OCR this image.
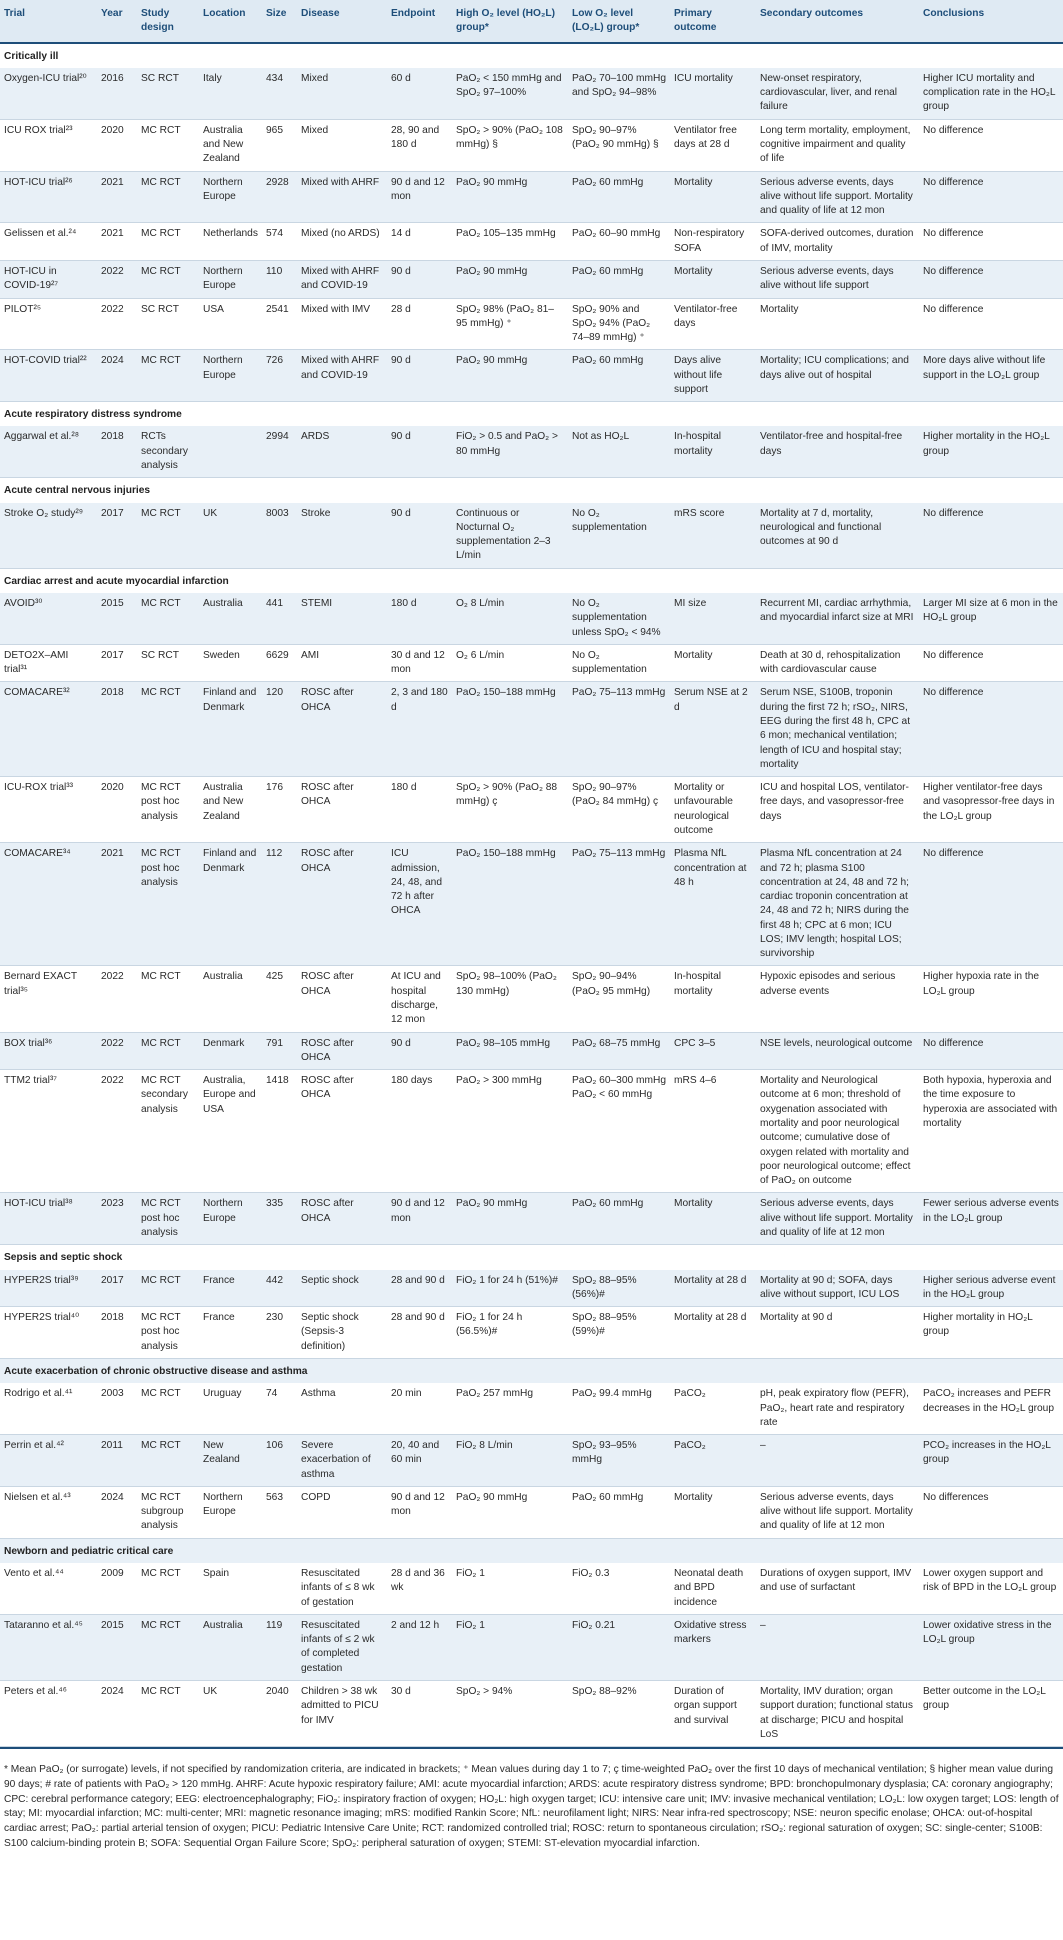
Trial	Year	Study design	Location	Size	Disease	Endpoint	High O₂ level (HO₂L) group*	Low O₂ level (LO₂L) group*	Primary outcome	Secondary outcomes	Conclusions
Critically ill											
Oxygen-ICU trial²⁰	2016	SC RCT	Italy	434	Mixed	60 d	PaO₂ < 150 mmHg and SpO₂ 97–100%	PaO₂ 70–100 mmHg and SpO₂ 94–98%	ICU mortality	New-onset respiratory, cardiovascular, liver, and renal failure	Higher ICU mortality and complication rate in the HO₂L group
ICU ROX trial²³	2020	MC RCT	Australia and New Zealand	965	Mixed	28, 90 and 180 d	SpO₂ > 90% (PaO₂ 108 mmHg) §	SpO₂ 90–97% (PaO₂ 90 mmHg) §	Ventilator free days at 28 d	Long term mortality, employment, cognitive impairment and quality of life	No difference
HOT-ICU trial²⁶	2021	MC RCT	Northern Europe	2928	Mixed with AHRF	90 d and 12 mon	PaO₂ 90 mmHg	PaO₂ 60 mmHg	Mortality	Serious adverse events, days alive without life support. Mortality and quality of life at 12 mon	No difference
Gelissen et al.²⁴	2021	MC RCT	Netherlands	574	Mixed (no ARDS)	14 d	PaO₂ 105–135 mmHg	PaO₂ 60–90 mmHg	Non-respiratory SOFA	SOFA-derived outcomes, duration of IMV, mortality	No difference
HOT-ICU in COVID-19²⁷	2022	MC RCT	Northern Europe	110	Mixed with AHRF and COVID-19	90 d	PaO₂ 90 mmHg	PaO₂ 60 mmHg	Mortality	Serious adverse events, days alive without life support	No difference
PILOT²⁵	2022	SC RCT	USA	2541	Mixed with IMV	28 d	SpO₂ 98% (PaO₂ 81–95 mmHg) ⁺	SpO₂ 90% and SpO₂ 94% (PaO₂ 74–89 mmHg) ⁺	Ventilator-free days	Mortality	No difference
HOT-COVID trial²²	2024	MC RCT	Northern Europe	726	Mixed with AHRF and COVID-19	90 d	PaO₂ 90 mmHg	PaO₂ 60 mmHg	Days alive without life support	Mortality; ICU complications; and days alive out of hospital	More days alive without life support in the LO₂L group
Acute respiratory distress syndrome											
Aggarwal et al.²⁸	2018	RCTs secondary analysis		2994	ARDS	90 d	FiO₂ > 0.5 and PaO₂ > 80 mmHg	Not as HO₂L	In-hospital mortality	Ventilator-free and hospital-free days	Higher mortality in the HO₂L group
Acute central nervous injuries											
Stroke O₂ study²⁹	2017	MC RCT	UK	8003	Stroke	90 d	Continuous or Nocturnal O₂ supplementation 2–3 L/min	No O₂ supplementation	mRS score	Mortality at 7 d, mortality, neurological and functional outcomes at 90 d	No difference
Cardiac arrest and acute myocardial infarction											
AVOID³⁰	2015	MC RCT	Australia	441	STEMI	180 d	O₂ 8 L/min	No O₂ supplementation unless SpO₂ < 94%	MI size	Recurrent MI, cardiac arrhythmia, and myocardial infarct size at MRI	Larger MI size at 6 mon in the HO₂L group
DETO2X–AMI trial³¹	2017	SC RCT	Sweden	6629	AMI	30 d and 12 mon	O₂ 6 L/min	No O₂ supplementation	Mortality	Death at 30 d, rehospitalization with cardiovascular cause	No difference
COMACARE³²	2018	MC RCT	Finland and Denmark	120	ROSC after OHCA	2, 3 and 180 d	PaO₂ 150–188 mmHg	PaO₂ 75–113 mmHg	Serum NSE at 2 d	Serum NSE, S100B, troponin during the first 72 h; rSO₂, NIRS, EEG during the first 48 h, CPC at 6 mon; mechanical ventilation; length of ICU and hospital stay; mortality	No difference
ICU-ROX trial³³	2020	MC RCT post hoc analysis	Australia and New Zealand	176	ROSC after OHCA	180 d	SpO₂ > 90% (PaO₂ 88 mmHg) ç	SpO₂ 90–97% (PaO₂ 84 mmHg) ç	Mortality or unfavourable neurological outcome	ICU and hospital LOS, ventilator-free days, and vasopressor-free days	Higher ventilator-free days and vasopressor-free days in the LO₂L group
COMACARE³⁴	2021	MC RCT post hoc analysis	Finland and Denmark	112	ROSC after OHCA	ICU admission, 24, 48, and 72 h after OHCA	PaO₂ 150–188 mmHg	PaO₂ 75–113 mmHg	Plasma NfL concentration at 48 h	Plasma NfL concentration at 24 and 72 h; plasma S100 concentration at 24, 48 and 72 h; cardiac troponin concentration at 24, 48 and 72 h; NIRS during the first 48 h; CPC at 6 mon; ICU LOS; IMV length; hospital LOS; survivorship	No difference
Bernard EXACT trial³⁵	2022	MC RCT	Australia	425	ROSC after OHCA	At ICU and hospital discharge, 12 mon	SpO₂ 98–100% (PaO₂ 130 mmHg)	SpO₂ 90–94% (PaO₂ 95 mmHg)	In-hospital mortality	Hypoxic episodes and serious adverse events	Higher hypoxia rate in the LO₂L group
BOX trial³⁶	2022	MC RCT	Denmark	791	ROSC after OHCA	90 d	PaO₂ 98–105 mmHg	PaO₂ 68–75 mmHg	CPC 3–5	NSE levels, neurological outcome	No difference
TTM2 trial³⁷	2022	MC RCT secondary analysis	Australia, Europe and USA	1418	ROSC after OHCA	180 days	PaO₂ > 300 mmHg	PaO₂ 60–300 mmHg PaO₂ < 60 mmHg	mRS 4–6	Mortality and Neurological outcome at 6 mon; threshold of oxygenation associated with mortality and poor neurological outcome; cumulative dose of oxygen related with mortality and poor neurological outcome; effect of PaO₂ on outcome	Both hypoxia, hyperoxia and the time exposure to hyperoxia are associated with mortality
HOT-ICU trial³⁸	2023	MC RCT post hoc analysis	Northern Europe	335	ROSC after OHCA	90 d and 12 mon	PaO₂ 90 mmHg	PaO₂ 60 mmHg	Mortality	Serious adverse events, days alive without life support. Mortality and quality of life at 12 mon	Fewer serious adverse events in the LO₂L group
Sepsis and septic shock											
HYPER2S trial³⁹	2017	MC RCT	France	442	Septic shock	28 and 90 d	FiO₂ 1 for 24 h (51%)#	SpO₂ 88–95% (56%)#	Mortality at 28 d	Mortality at 90 d; SOFA, days alive without support, ICU LOS	Higher serious adverse event in the HO₂L group
HYPER2S trial⁴⁰	2018	MC RCT post hoc analysis	France	230	Septic shock (Sepsis-3 definition)	28 and 90 d	FiO₂ 1 for 24 h (56.5%)#	SpO₂ 88–95% (59%)#	Mortality at 28 d	Mortality at 90 d	Higher mortality in HO₂L group
Acute exacerbation of chronic obstructive disease and asthma											
Rodrigo et al.⁴¹	2003	MC RCT	Uruguay	74	Asthma	20 min	PaO₂ 257 mmHg	PaO₂ 99.4 mmHg	PaCO₂	pH, peak expiratory flow (PEFR), PaO₂, heart rate and respiratory rate	PaCO₂ increases and PEFR decreases in the HO₂L group
Perrin et al.⁴²	2011	MC RCT	New Zealand	106	Severe exacerbation of asthma	20, 40 and 60 min	FiO₂ 8 L/min	SpO₂ 93–95% mmHg	PaCO₂	–	PCO₂ increases in the HO₂L group
Nielsen et al.⁴³	2024	MC RCT subgroup analysis	Northern Europe	563	COPD	90 d and 12 mon	PaO₂ 90 mmHg	PaO₂ 60 mmHg	Mortality	Serious adverse events, days alive without life support. Mortality and quality of life at 12 mon	No differences
Newborn and pediatric critical care											
Vento et al.⁴⁴	2009	MC RCT	Spain		Resuscitated infants of ≤ 8 wk of gestation	28 d and 36 wk	FiO₂ 1	FiO₂ 0.3	Neonatal death and BPD incidence	Durations of oxygen support, IMV and use of surfactant	Lower oxygen support and risk of BPD in the LO₂L group
Tataranno et al.⁴⁵	2015	MC RCT	Australia	119	Resuscitated infants of ≤ 2 wk of completed gestation	2 and 12 h	FiO₂ 1	FiO₂ 0.21	Oxidative stress markers	–	Lower oxidative stress in the LO₂L group
Peters et al.⁴⁶	2024	MC RCT	UK	2040	Children > 38 wk admitted to PICU for IMV	30 d	SpO₂ > 94%	SpO₂ 88–92%	Duration of organ support and survival	Mortality, IMV duration; organ support duration; functional status at discharge; PICU and hospital LoS	Better outcome in the LO₂L group
* Mean PaO₂ (or surrogate) levels, if not specified by randomization criteria, are indicated in brackets; ⁺ Mean values during day 1 to 7; ç time-weighted PaO₂ over the first 10 days of mechanical ventilation; § higher mean value during 90 days; # rate of patients with PaO₂ > 120 mmHg. AHRF: Acute hypoxic respiratory failure; AMI: acute myocardial infarction; ARDS: acute respiratory distress syndrome; BPD: bronchopulmonary dysplasia; CA: coronary angiography; CPC: cerebral performance category; EEG: electroencephalography; FiO₂: inspiratory fraction of oxygen; HO₂L: high oxygen target; ICU: intensive care unit; IMV: invasive mechanical ventilation; LO₂L: low oxygen target; LOS: length of stay; MI: myocardial infarction; MC: multi-center; MRI: magnetic resonance imaging; mRS: modified Rankin Score; NfL: neurofilament light; NIRS: Near infra-red spectroscopy; NSE: neuron specific enolase; OHCA: out-of-hospital cardiac arrest; PaO₂: partial arterial tension of oxygen; PICU: Pediatric Intensive Care Unite; RCT: randomized controlled trial; ROSC: return to spontaneous circulation; rSO₂: regional saturation of oxygen; SC: single-center; S100B: S100 calcium-binding protein B; SOFA: Sequential Organ Failure Score; SpO₂: peripheral saturation of oxygen; STEMI: ST-elevation myocardial infarction.
